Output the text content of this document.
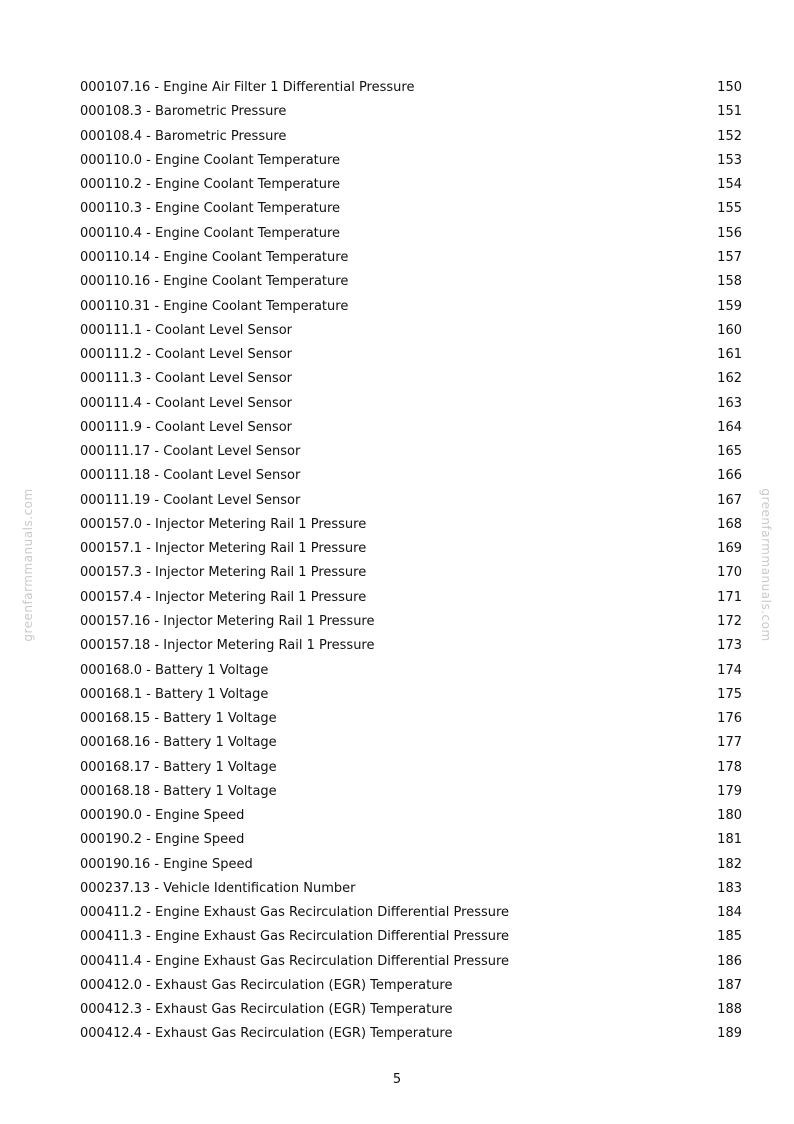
greenfarmmanuals.com	greenfarmmanuals.com
000107.16 - Engine Air Filter 1 Differential Pressure	150
000108.3 - Barometric Pressure	151
000108.4 - Barometric Pressure	152
000110.0 - Engine Coolant Temperature	153
000110.2 - Engine Coolant Temperature	154
000110.3 - Engine Coolant Temperature	155
000110.4 - Engine Coolant Temperature	156
000110.14 - Engine Coolant Temperature	157
000110.16 - Engine Coolant Temperature	158
000110.31 - Engine Coolant Temperature	159
000111.1 - Coolant Level Sensor	160
000111.2 - Coolant Level Sensor	161
000111.3 - Coolant Level Sensor	162
000111.4 - Coolant Level Sensor	163
000111.9 - Coolant Level Sensor	164
000111.17 - Coolant Level Sensor	165
000111.18 - Coolant Level Sensor	166
000111.19 - Coolant Level Sensor	167
000157.0 - Injector Metering Rail 1 Pressure	168
000157.1 - Injector Metering Rail 1 Pressure	169
000157.3 - Injector Metering Rail 1 Pressure	170
000157.4 - Injector Metering Rail 1 Pressure	171
000157.16 - Injector Metering Rail 1 Pressure	172
000157.18 - Injector Metering Rail 1 Pressure	173
000168.0 - Battery 1 Voltage	174
000168.1 - Battery 1 Voltage	175
000168.15 - Battery 1 Voltage	176
000168.16 - Battery 1 Voltage	177
000168.17 - Battery 1 Voltage	178
000168.18 - Battery 1 Voltage	179
000190.0 - Engine Speed	180
000190.2 - Engine Speed	181
000190.16 - Engine Speed	182
000237.13 - Vehicle Identification Number	183
000411.2 - Engine Exhaust Gas Recirculation Differential Pressure	184
000411.3 - Engine Exhaust Gas Recirculation Differential Pressure	185
000411.4 - Engine Exhaust Gas Recirculation Differential Pressure	186
000412.0 - Exhaust Gas Recirculation (EGR) Temperature	187
000412.3 - Exhaust Gas Recirculation (EGR) Temperature	188
000412.4 - Exhaust Gas Recirculation (EGR) Temperature	189
5
